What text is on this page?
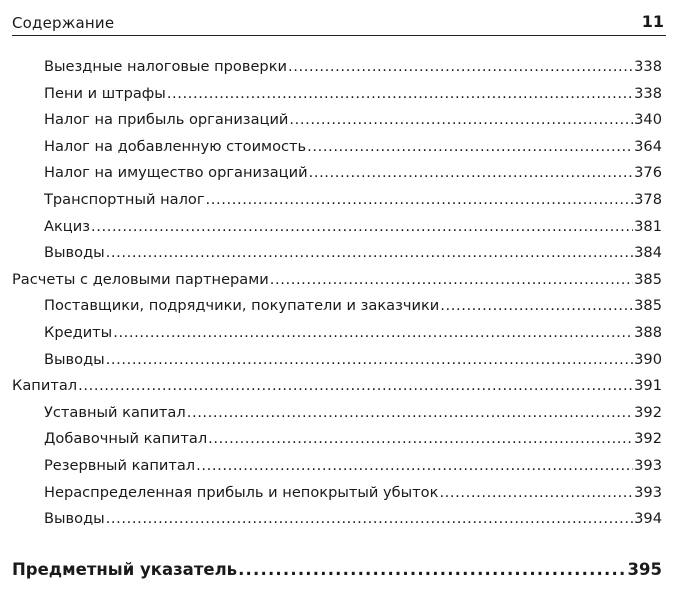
Содержание	11
Выездные налоговые проверки .....	338
Пени и штрафы .....	338
Налог на прибыль организаций .....	340
Налог на добавленную стоимость .....	364
Налог на имущество организаций .....	376
Транспортный налог .....	378
Акциз .....	381
Выводы .....	384
Расчеты с деловыми партнерами .....	385
Поставщики, подрядчики, покупатели и заказчики .....	385
Кредиты .....	388
Выводы .....	390
Капитал .....	391
Уставный капитал .....	392
Добавочный капитал .....	392
Резервный капитал .....	393
Нераспределенная прибыль и непокрытый убыток .....	393
Выводы .....	394
Предметный указатель .....	395
